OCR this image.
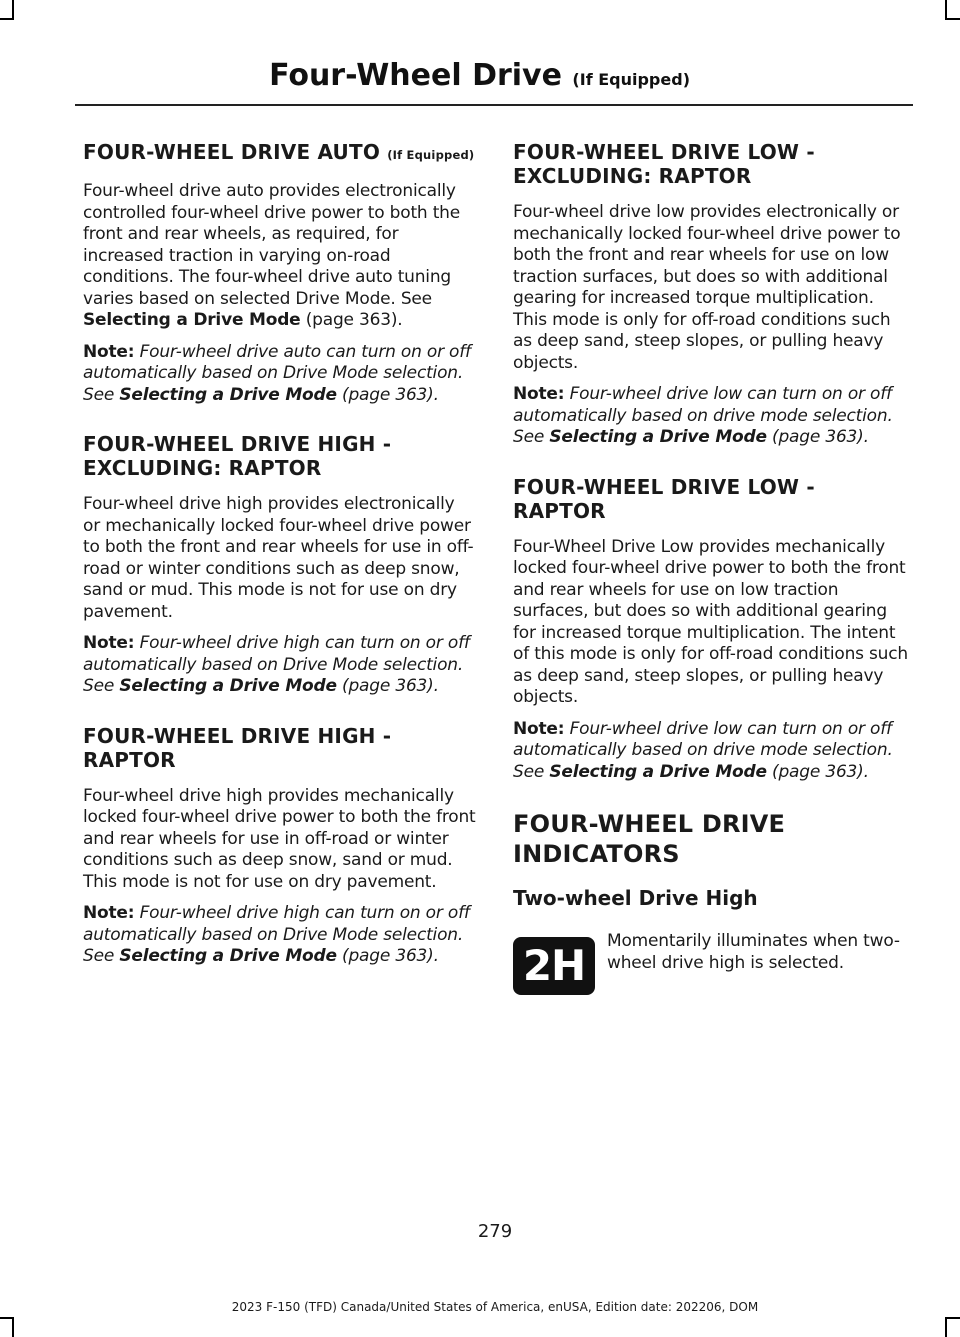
Four-Wheel Drive (If Equipped)
FOUR-WHEEL DRIVE AUTO (If Equipped)

Four-wheel drive auto provides electronically controlled four-wheel drive power to both the front and rear wheels, as required, for increased traction in varying on-road conditions. The four-wheel drive auto tuning varies based on selected Drive Mode. See Selecting a Drive Mode (page 363).

Note: Four-wheel drive auto can turn on or off automatically based on Drive Mode selection. See Selecting a Drive Mode (page 363).

FOUR-WHEEL DRIVE HIGH - EXCLUDING: RAPTOR

Four-wheel drive high provides electronically or mechanically locked four-wheel drive power to both the front and rear wheels for use in off-road or winter conditions such as deep snow, sand or mud. This mode is not for use on dry pavement.

Note: Four-wheel drive high can turn on or off automatically based on Drive Mode selection. See Selecting a Drive Mode (page 363).

FOUR-WHEEL DRIVE HIGH - RAPTOR

Four-wheel drive high provides mechanically locked four-wheel drive power to both the front and rear wheels for use in off-road or winter conditions such as deep snow, sand or mud. This mode is not for use on dry pavement.

Note: Four-wheel drive high can turn on or off automatically based on Drive Mode selection. See Selecting a Drive Mode (page 363).

FOUR-WHEEL DRIVE LOW - EXCLUDING: RAPTOR

Four-wheel drive low provides electronically or mechanically locked four-wheel drive power to both the front and rear wheels for use on low traction surfaces, but does so with additional gearing for increased torque multiplication. This mode is only for off-road conditions such as deep sand, steep slopes, or pulling heavy objects.

Note: Four-wheel drive low can turn on or off automatically based on drive mode selection. See Selecting a Drive Mode (page 363).

FOUR-WHEEL DRIVE LOW - RAPTOR

Four-Wheel Drive Low provides mechanically locked four-wheel drive power to both the front and rear wheels for use on low traction surfaces, but does so with additional gearing for increased torque multiplication. The intent of this mode is only for off-road conditions such as deep sand, steep slopes, or pulling heavy objects.

Note: Four-wheel drive low can turn on or off automatically based on drive mode selection. See Selecting a Drive Mode (page 363).

FOUR-WHEEL DRIVE INDICATORS
Two-wheel Drive High
2H	Momentarily illuminates when two-wheel drive high is selected.

279
2023 F-150 (TFD) Canada/United States of America, enUSA, Edition date: 202206, DOM
